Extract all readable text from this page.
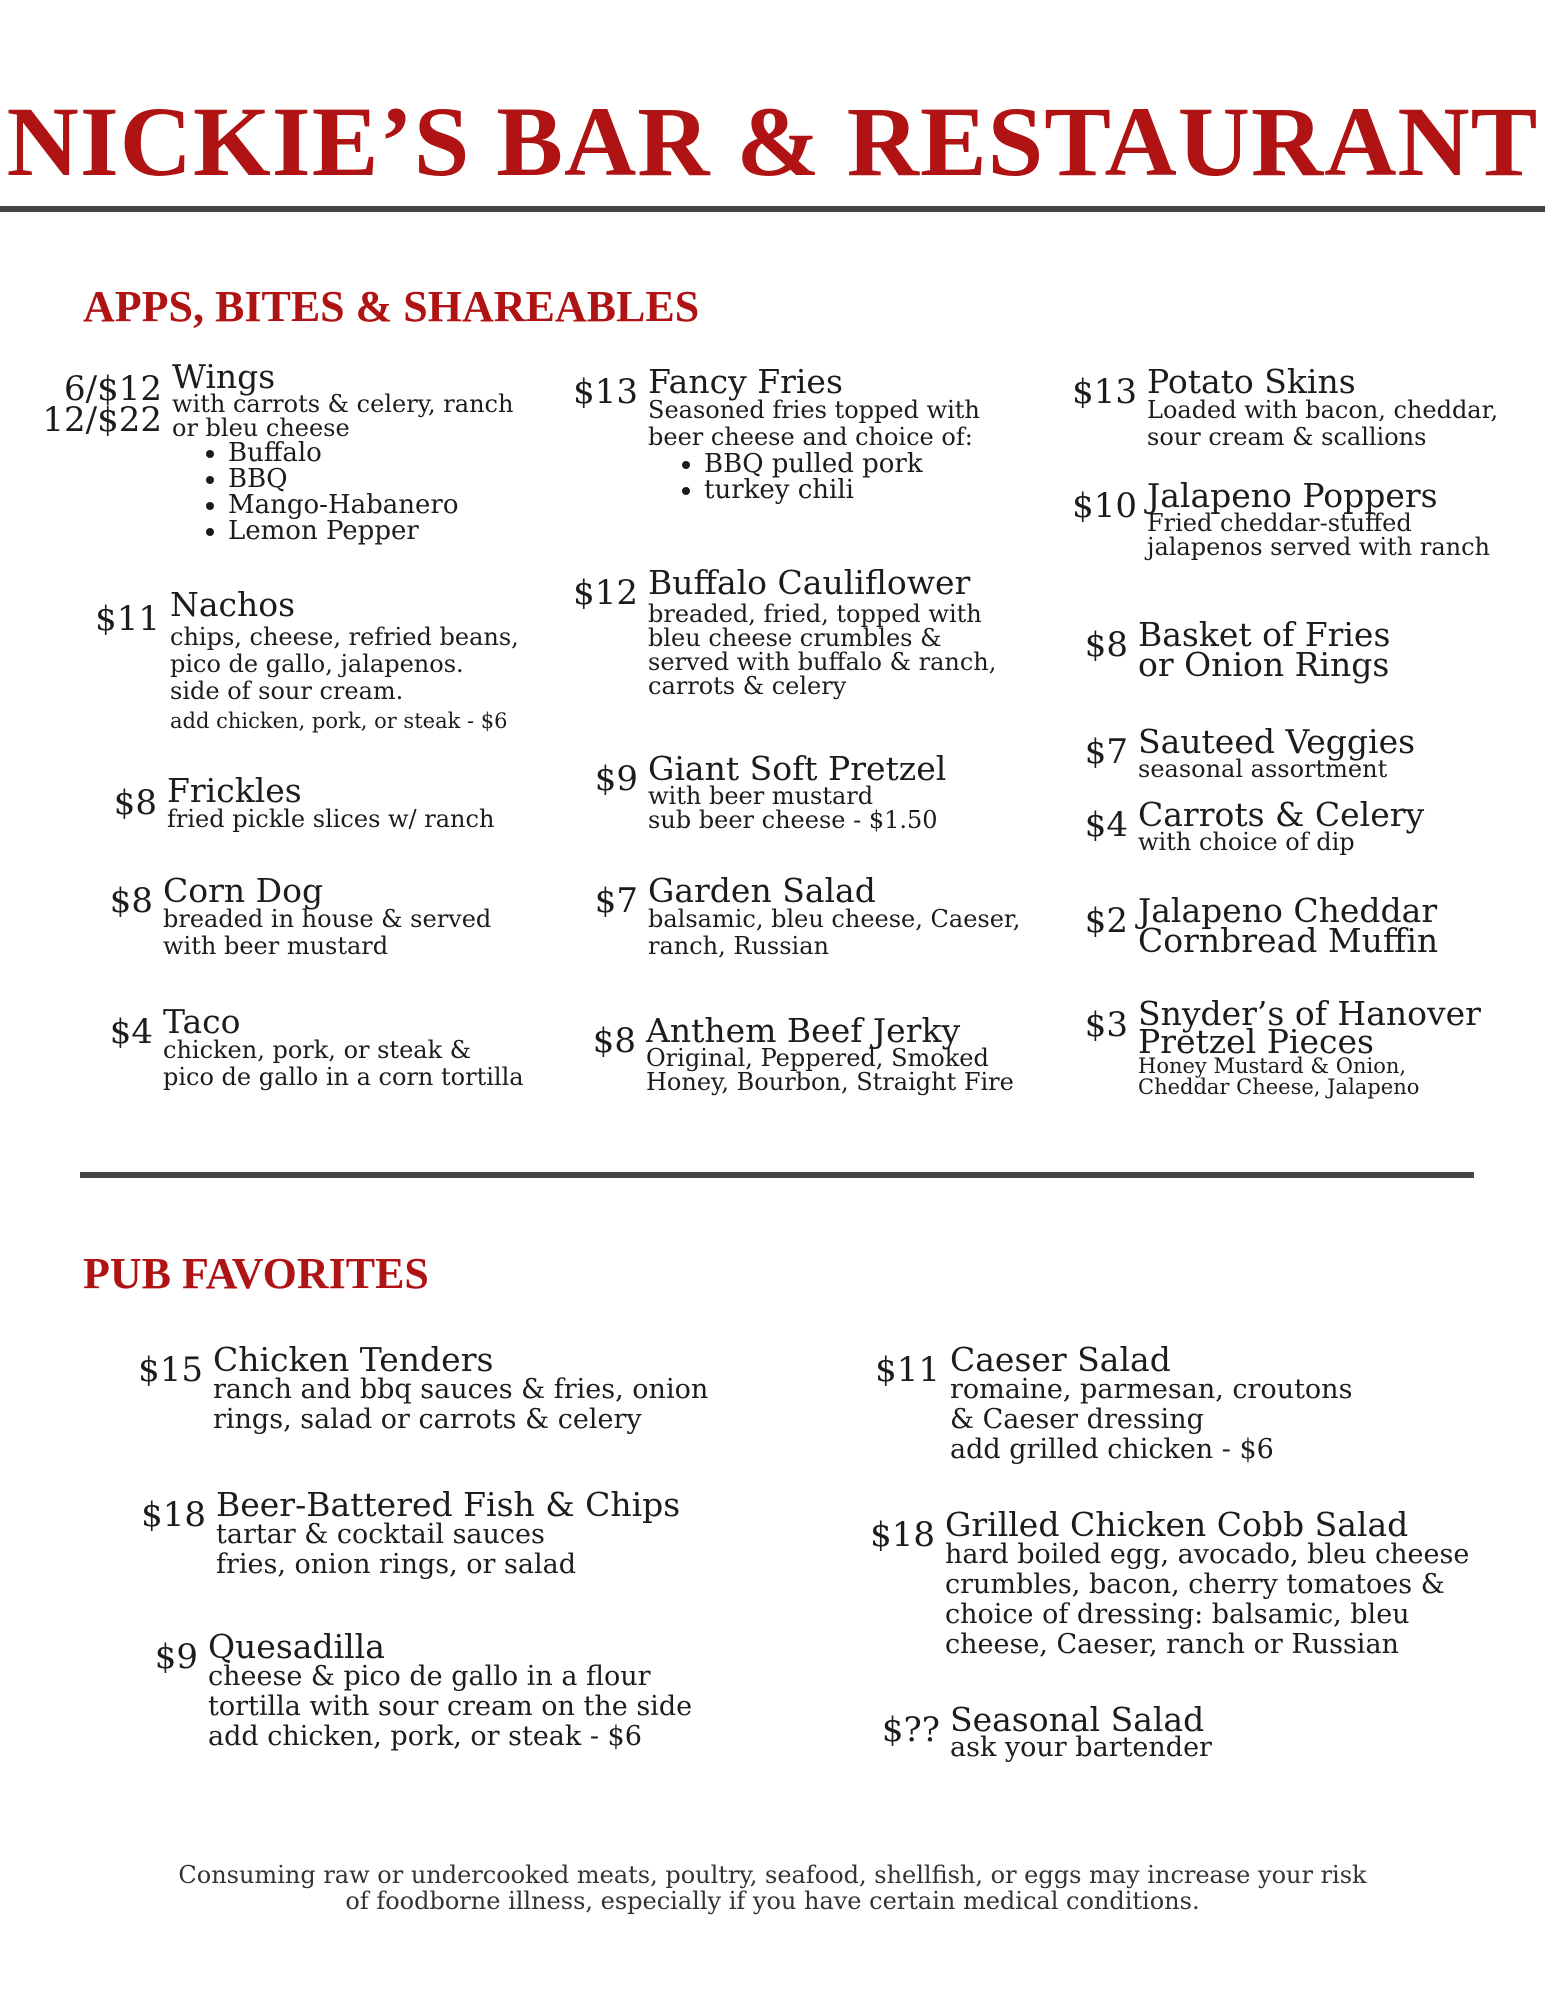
NICKIE’S BAR & RESTAURANT
APPS, BITES & SHAREABLES
6/$12
12/$22
Wings
with carrots & celery, ranch
or bleu cheese
• Buffalo
• BBQ
• Mango-Habanero
• Lemon Pepper
$11 Nachos
chips, cheese, refried beans,
pico de gallo, jalapenos.
side of sour cream.
add chicken, pork, or steak - $6
$8 Frickles
fried pickle slices w/ ranch
$8 Corn Dog
breaded in house & served
with beer mustard
$4 Taco
chicken, pork, or steak &
pico de gallo in a corn tortilla
$13 Fancy Fries
Seasoned fries topped with
beer cheese and choice of:
• BBQ pulled pork
• turkey chili
$12 Buffalo Cauliflower
breaded, fried, topped with
bleu cheese crumbles &
served with buffalo & ranch,
carrots & celery
$9 Giant Soft Pretzel
with beer mustard
sub beer cheese - $1.50
$7 Garden Salad
balsamic, bleu cheese, Caeser,
ranch, Russian
$8 Anthem Beef Jerky
Original, Peppered, Smoked
Honey, Bourbon, Straight Fire
$13 Potato Skins
Loaded with bacon, cheddar,
sour cream & scallions
$10 Jalapeno Poppers
Fried cheddar-stuffed
jalapenos served with ranch
$8 Basket of Fries
or Onion Rings
$7 Sauteed Veggies
seasonal assortment
$4 Carrots & Celery
with choice of dip
$2 Jalapeno Cheddar
Cornbread Muffin
$3 Snyder’s of Hanover
Pretzel Pieces
Honey Mustard & Onion,
Cheddar Cheese, Jalapeno
PUB FAVORITES
$15 Chicken Tenders
ranch and bbq sauces & fries, onion
rings, salad or carrots & celery
$18 Beer-Battered Fish & Chips
tartar & cocktail sauces
fries, onion rings, or salad
$9 Quesadilla
cheese & pico de gallo in a flour
tortilla with sour cream on the side
add chicken, pork, or steak - $6
$11 Caeser Salad
romaine, parmesan, croutons
& Caeser dressing
add grilled chicken - $6
$18 Grilled Chicken Cobb Salad
hard boiled egg, avocado, bleu cheese
crumbles, bacon, cherry tomatoes &
choice of dressing: balsamic, bleu
cheese, Caeser, ranch or Russian
$?? Seasonal Salad
ask your bartender
Consuming raw or undercooked meats, poultry, seafood, shellfish, or eggs may increase your risk
of foodborne illness, especially if you have certain medical conditions.
